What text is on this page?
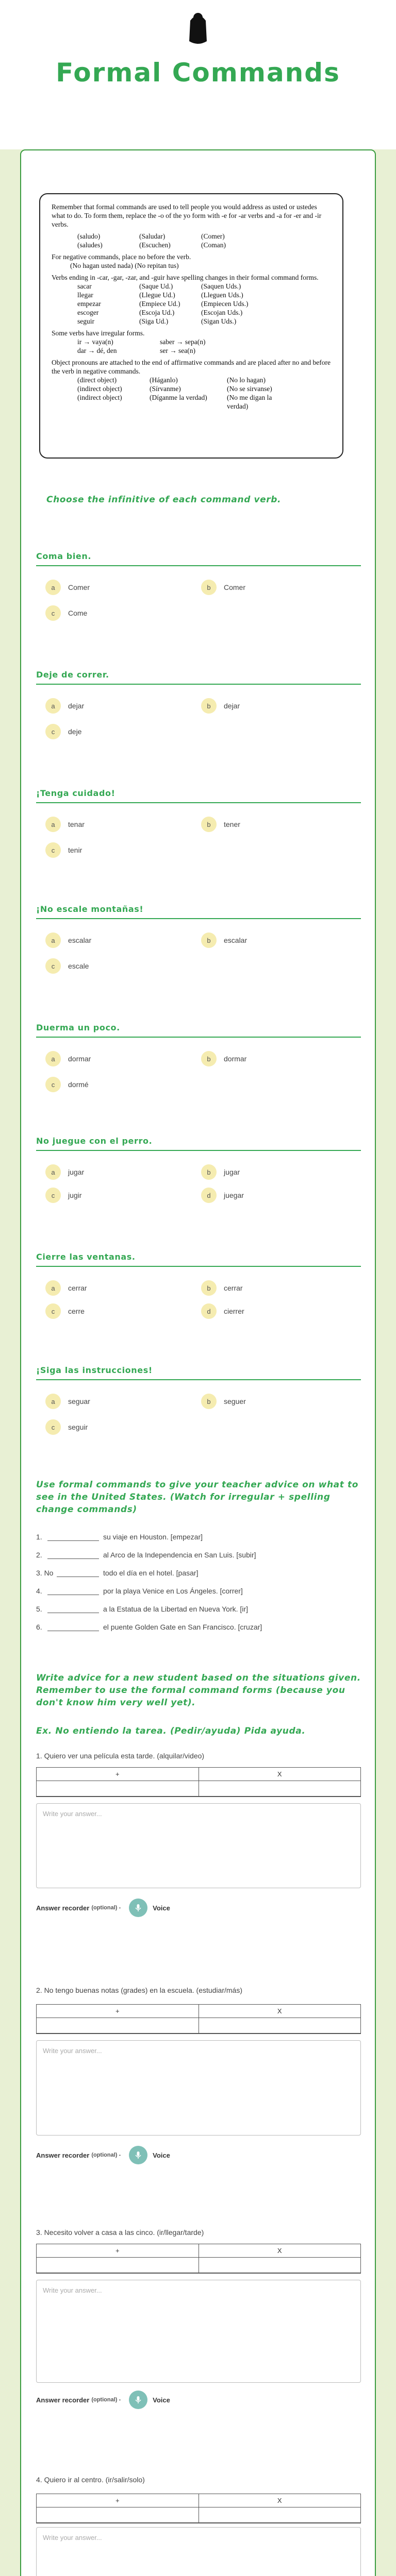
Formal Commands

Remember that formal commands are used to tell people you would address as usted or ustedes what to do. To form them, replace the -o of the yo form with -e for -ar verbs and -a for -er and -ir verbs.

(saludo)	(Saludar)	(Comer)
(saludes)	(Escuchen)	(Coman)

For negative commands, place no before the verb.

(No hagan usted nada) (No repitan tus)

Verbs ending in -car, -gar, -zar, and -guir have spelling changes in their formal command forms.

sacar	(Saque Ud.)	(Saquen Uds.)
llegar	(Llegue Ud.)	(Lleguen Uds.)
empezar	(Empiece Ud.)	(Empiecen Uds.)
escoger	(Escoja Ud.)	(Escojan Uds.)
seguir	(Siga Ud.)	(Sigan Uds.)

Some verbs have irregular forms.

ir → vaya(n)	saber → sepa(n)
dar → dé, den	ser → sea(n)

Object pronouns are attached to the end of affirmative commands and are placed after no and before the verb in negative commands.

(direct object)	(Háganlo)	(No lo hagan)
(indirect object)	(Sírvanme)	(No se sirvanse)
(indirect object)	(Díganme la verdad)	(No me digan la verdad)
Choose the infinitive of each command verb.
Coma bien.
a	Comer	b	Comer
c	Come
Deje de correr.
a	dejar	b	dejar
c	deje
¡Tenga cuidado!
a	tenar	b	tener
c	tenir
¡No escale montañas!
a	escalar	b	escalar
c	escale
Duerma un poco.
a	dormar	b	dormar
c	dormé
No juegue con el perro.
a	jugar	b	jugar
c	jugir	d	juegar
Cierre las ventanas.
a	cerrar	b	cerrar
c	cerre	d	cierrer
¡Siga las instrucciones!
a	seguar	b	seguer
c	seguir
Use formal commands to give your teacher advice on what to see in the United States. (Watch for irregular + spelling change commands)
1.	su viaje en Houston. [empezar]
2.	al Arco de la Independencia en San Luis. [subir]
3. No	todo el día en el hotel. [pasar]
4.	por la playa Venice en Los Ángeles. [correr]
5.	a la Estatua de la Libertad en Nueva York. [ir]
6.	el puente Golden Gate en San Francisco. [cruzar]
Write advice for a new student based on the situations given. Remember to use the formal command forms (because you don't know him very well yet).
Ex. No entiendo la tarea. (Pedir/ayuda) Pida ayuda.
1. Quiero ver una película esta tarde. (alquilar/video)
+	X
Write your answer...
Answer recorder (optional) -	Voice
2. No tengo buenas notas (grades) en la escuela. (estudiar/más)
+	X
Write your answer...
Answer recorder (optional) -	Voice
3. Necesito volver a casa a las cinco. (ir/llegar/tarde)
+	X
Write your answer...
Answer recorder (optional) -	Voice
4. Quiero ir al centro. (ir/salir/solo)
+	X
Write your answer...
